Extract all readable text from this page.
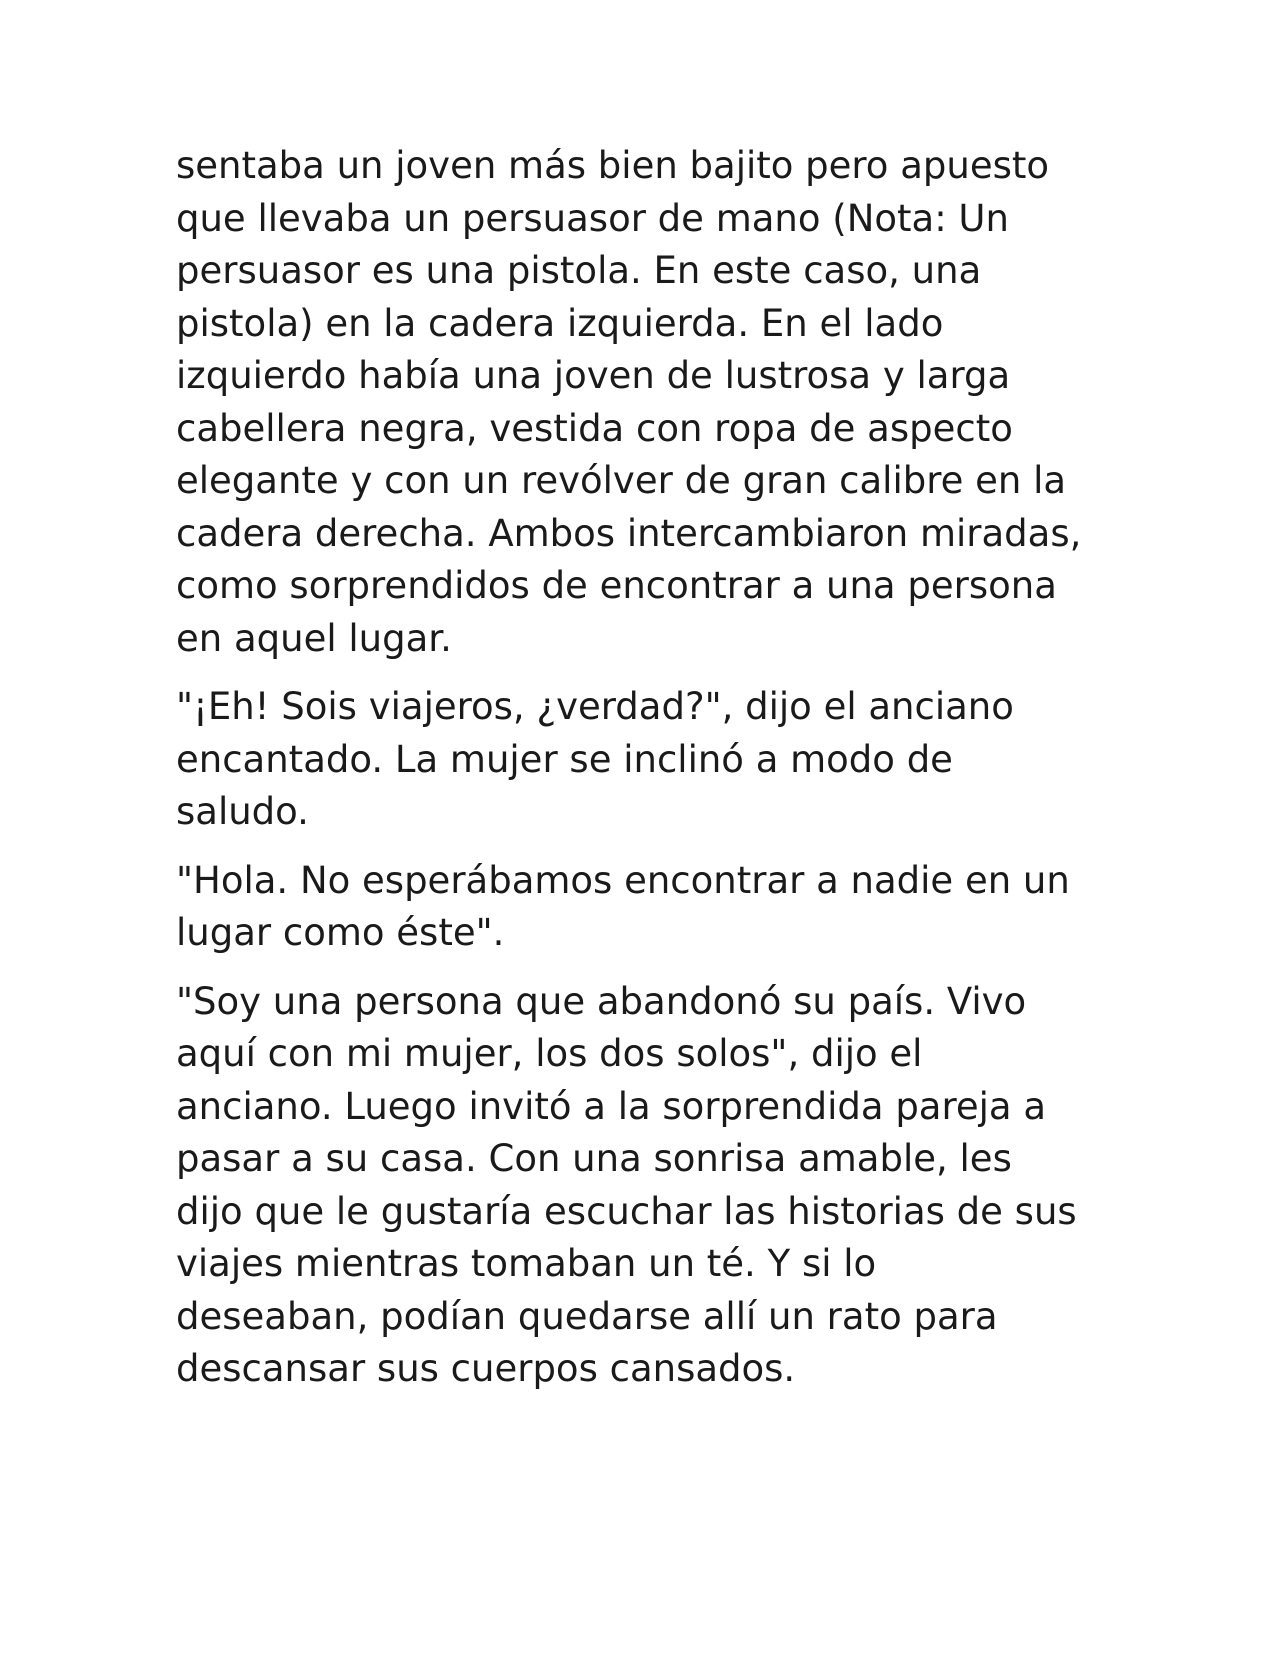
sentaba un joven más bien bajito pero apuesto
que llevaba un persuasor de mano (Nota: Un
persuasor es una pistola. En este caso, una
pistola) en la cadera izquierda. En el lado
izquierdo había una joven de lustrosa y larga
cabellera negra, vestida con ropa de aspecto
elegante y con un revólver de gran calibre en la
cadera derecha. Ambos intercambiaron miradas,
como sorprendidos de encontrar a una persona
en aquel lugar.

"¡Eh! Sois viajeros, ¿verdad?", dijo el anciano
encantado. La mujer se inclinó a modo de
saludo.

"Hola. No esperábamos encontrar a nadie en un
lugar como éste".

"Soy una persona que abandonó su país. Vivo
aquí con mi mujer, los dos solos", dijo el
anciano. Luego invitó a la sorprendida pareja a
pasar a su casa. Con una sonrisa amable, les
dijo que le gustaría escuchar las historias de sus
viajes mientras tomaban un té. Y si lo
deseaban, podían quedarse allí un rato para
descansar sus cuerpos cansados.
